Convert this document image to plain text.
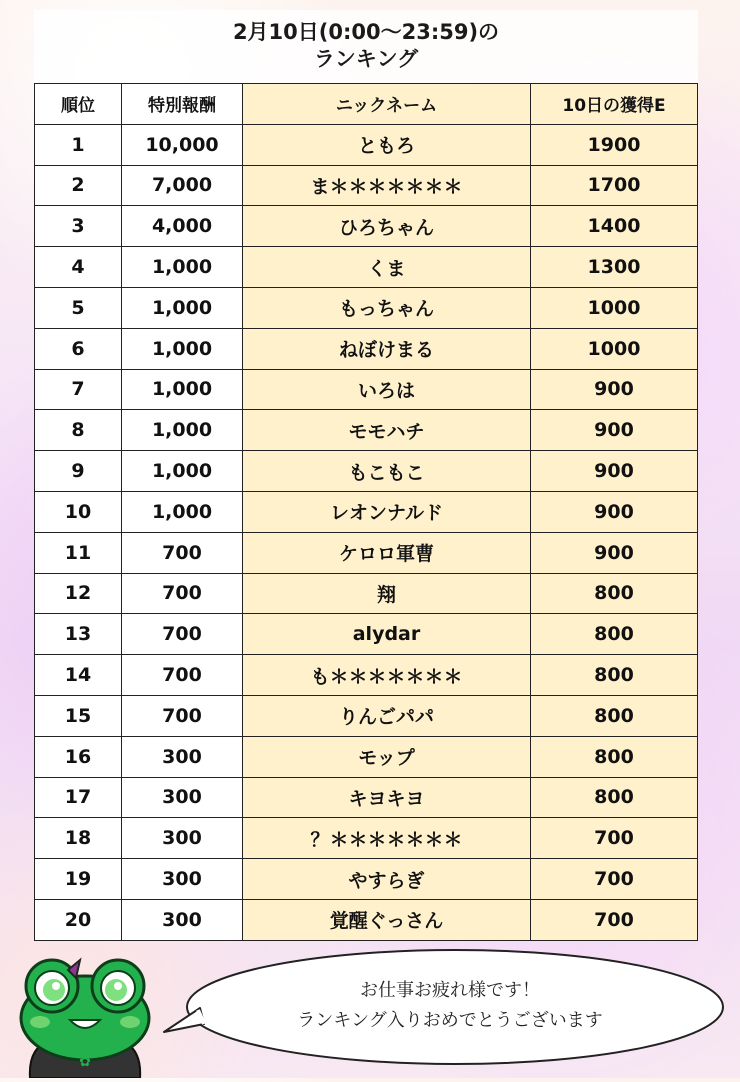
2月10日(0:00～23:59)の
ランキング
順位	特別報酬	ニックネーム	10日の獲得E
1	10,000	ともろ	1900
2	7,000	ま＊＊＊＊＊＊＊	1700
3	4,000	ひろちゃん	1400
4	1,000	くま	1300
5	1,000	もっちゃん	1000
6	1,000	ねぼけまる	1000
7	1,000	いろは	900
8	1,000	モモハチ	900
9	1,000	もこもこ	900
10	1,000	レオンナルド	900
11	700	ケロロ軍曹	900
12	700	翔	800
13	700	alydar	800
14	700	も＊＊＊＊＊＊＊	800
15	700	りんごパパ	800
16	300	モップ	800
17	300	キヨキヨ	800
18	300	？＊＊＊＊＊＊＊	700
19	300	やすらぎ	700
20	300	覚醒ぐっさん	700
✿
お仕事お疲れ様です！
ランキング入りおめでとうございます
